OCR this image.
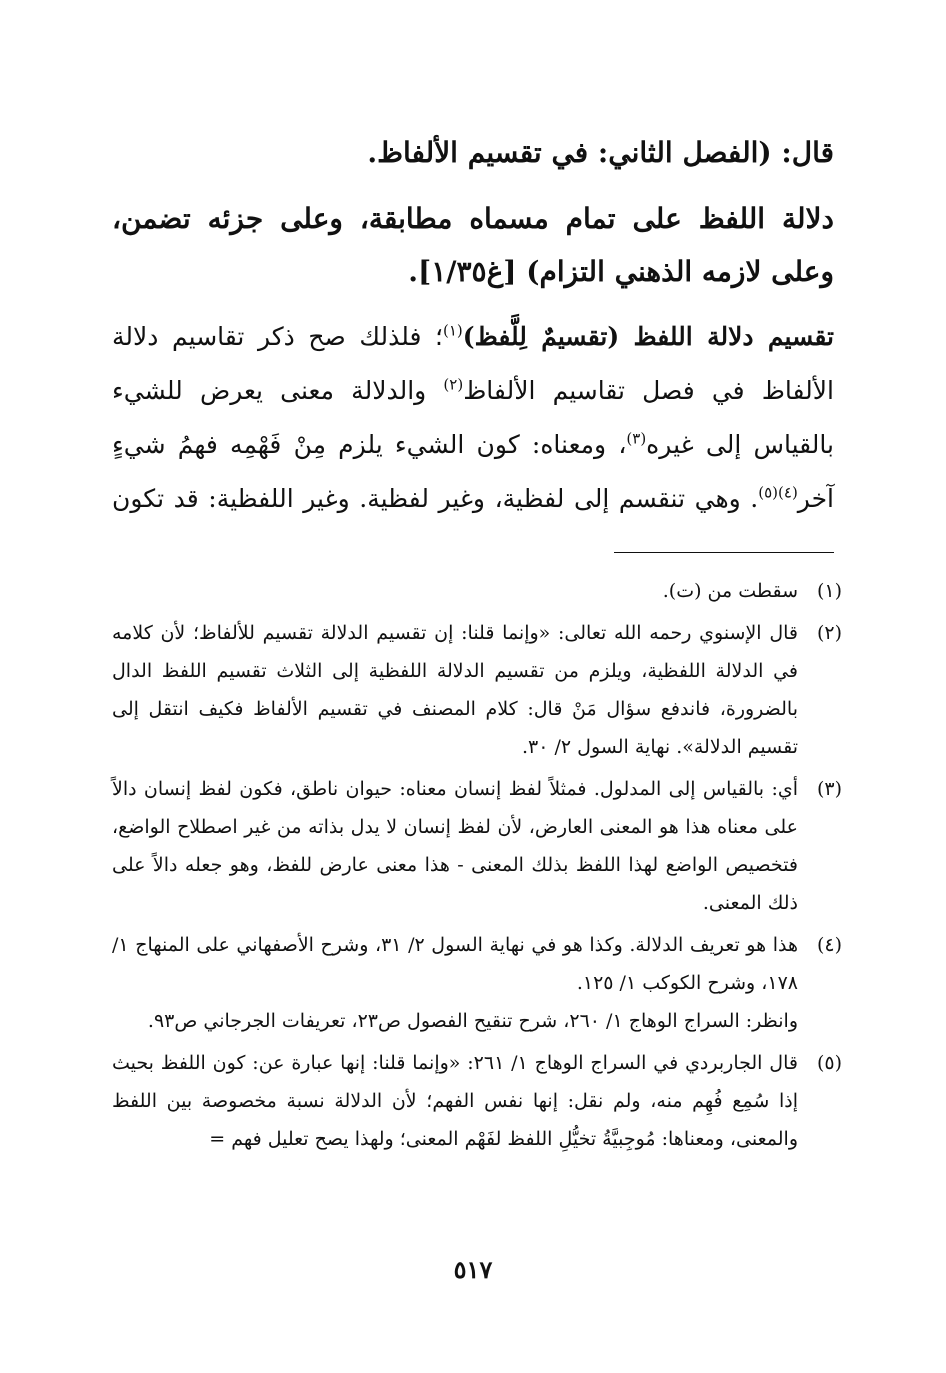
قال: (الفصل الثاني: في تقسيم الألفاظ.

دلالة اللفظ على تمام مسماه مطابقة، وعلى جزئه تضمن، وعلى لازمه الذهني التزام) [غ١/٣٥].

تقسيم دلالة اللفظ (تقسيمٌ لِلَّفظ)$^{(١)}$؛ فلذلك صح ذكر تقاسيم دلالة الألفاظ في فصل تقاسيم الألفاظ$^{(٢)}$ والدلالة معنى يعرض للشيء بالقياس إلى غيره$^{(٣)}$، ومعناه: كون الشيء يلزم مِنْ فَهْمِه فهمُ شيءٍ آخر$^{(٤)(٥)}$. وهي تنقسم إلى لفظية، وغير لفظية. وغير اللفظية: قد تكون

(١)

سقطت من (ت).

(٢)

قال الإسنوي رحمه الله تعالى: «وإنما قلنا: إن تقسيم الدلالة تقسيم للألفاظ؛ لأن كلامه في الدلالة اللفظية، ويلزم من تقسيم الدلالة اللفظية إلى الثلاث تقسيم اللفظ الدال بالضرورة، فاندفع سؤال مَنْ قال: كلام المصنف في تقسيم الألفاظ فكيف انتقل إلى تقسيم الدلالة». نهاية السول ٢/ ٣٠.

(٣)

أي: بالقياس إلى المدلول. فمثلاً لفظ إنسان معناه: حيوان ناطق، فكون لفظ إنسان دالاً على معناه هذا هو المعنى العارض، لأن لفظ إنسان لا يدل بذاته من غير اصطلاح الواضع، فتخصيص الواضع لهذا اللفظ بذلك المعنى - هذا معنى عارض للفظ، وهو جعله دالاً على ذلك المعنى.

(٤)

هذا هو تعريف الدلالة. وكذا هو في نهاية السول ٢/ ٣١، وشرح الأصفهاني على المنهاج ١/ ١٧٨، وشرح الكوكب ١/ ١٢٥.

وانظر: السراج الوهاج ١/ ٢٦٠، شرح تنقيح الفصول ص٢٣، تعريفات الجرجاني ص٩٣.

(٥)

قال الجاربردي في السراج الوهاج ١/ ٢٦١: «وإنما قلنا: إنها عبارة عن: كون اللفظ بحيث إذا سُمِع فُهِم منه، ولم نقل: إنها نفس الفهم؛ لأن الدلالة نسبة مخصوصة بين اللفظ والمعنى، ومعناها: مُوجِبيَّةُ تخيُّلِ اللفظ لفَهْم المعنى؛ ولهذا يصح تعليل فهم =

٥١٧
